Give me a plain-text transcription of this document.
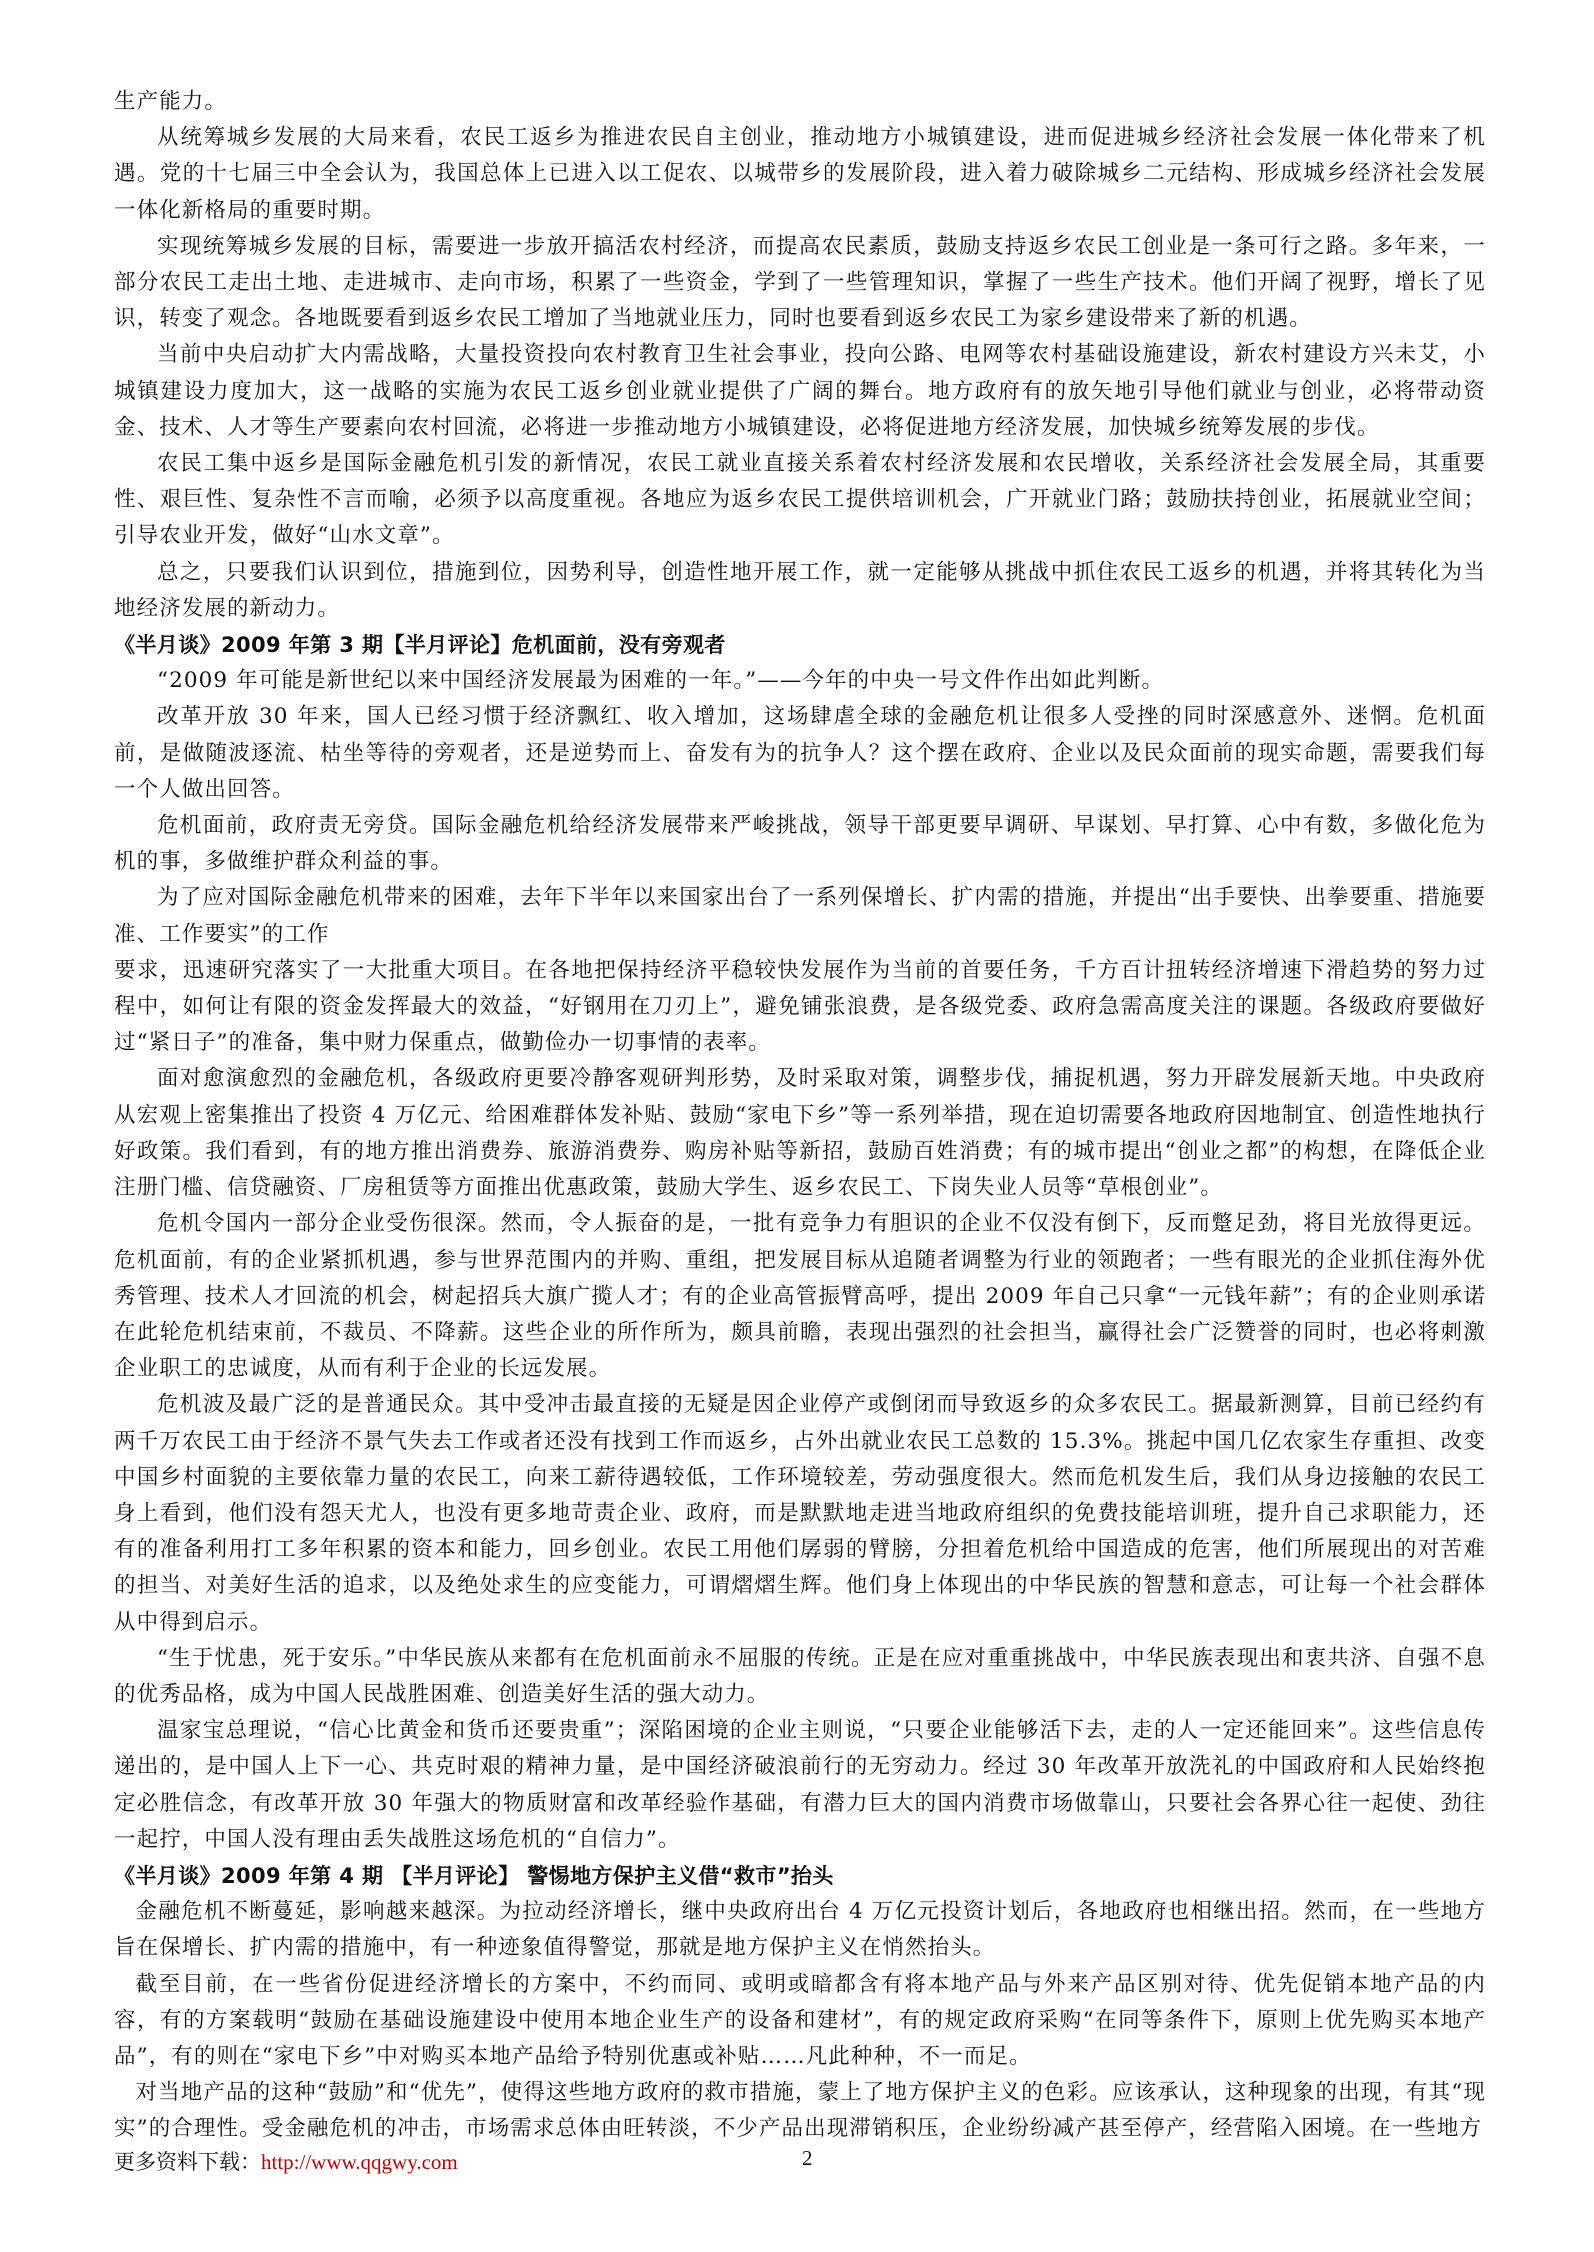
生产能力。

从统筹城乡发展的大局来看，农民工返乡为推进农民自主创业，推动地方小城镇建设，进而促进城乡经济社会发展一体化带来了机遇。党的十七届三中全会认为，我国总体上已进入以工促农、以城带乡的发展阶段，进入着力破除城乡二元结构、形成城乡经济社会发展一体化新格局的重要时期。

实现统筹城乡发展的目标，需要进一步放开搞活农村经济，而提高农民素质，鼓励支持返乡农民工创业是一条可行之路。多年来，一部分农民工走出土地、走进城市、走向市场，积累了一些资金，学到了一些管理知识，掌握了一些生产技术。他们开阔了视野，增长了见识，转变了观念。各地既要看到返乡农民工增加了当地就业压力，同时也要看到返乡农民工为家乡建设带来了新的机遇。

当前中央启动扩大内需战略，大量投资投向农村教育卫生社会事业，投向公路、电网等农村基础设施建设，新农村建设方兴未艾，小城镇建设力度加大，这一战略的实施为农民工返乡创业就业提供了广阔的舞台。地方政府有的放矢地引导他们就业与创业，必将带动资金、技术、人才等生产要素向农村回流，必将进一步推动地方小城镇建设，必将促进地方经济发展，加快城乡统筹发展的步伐。

农民工集中返乡是国际金融危机引发的新情况，农民工就业直接关系着农村经济发展和农民增收，关系经济社会发展全局，其重要性、艰巨性、复杂性不言而喻，必须予以高度重视。各地应为返乡农民工提供培训机会，广开就业门路；鼓励扶持创业，拓展就业空间；引导农业开发，做好“山水文章”。

总之，只要我们认识到位，措施到位，因势利导，创造性地开展工作，就一定能够从挑战中抓住农民工返乡的机遇，并将其转化为当地经济发展的新动力。

《半月谈》2009 年第 3 期【半月评论】危机面前，没有旁观者

“2009 年可能是新世纪以来中国经济发展最为困难的一年。”——今年的中央一号文件作出如此判断。

改革开放 30 年来，国人已经习惯于经济飘红、收入增加，这场肆虐全球的金融危机让很多人受挫的同时深感意外、迷惘。危机面前，是做随波逐流、枯坐等待的旁观者，还是逆势而上、奋发有为的抗争人？这个摆在政府、企业以及民众面前的现实命题，需要我们每一个人做出回答。

危机面前，政府责无旁贷。国际金融危机给经济发展带来严峻挑战，领导干部更要早调研、早谋划、早打算、心中有数，多做化危为机的事，多做维护群众利益的事。

为了应对国际金融危机带来的困难，去年下半年以来国家出台了一系列保增长、扩内需的措施，并提出“出手要快、出拳要重、措施要准、工作要实”的工作
要求，迅速研究落实了一大批重大项目。在各地把保持经济平稳较快发展作为当前的首要任务，千方百计扭转经济增速下滑趋势的努力过程中，如何让有限的资金发挥最大的效益，“好钢用在刀刃上”，避免铺张浪费，是各级党委、政府急需高度关注的课题。各级政府要做好过“紧日子”的准备，集中财力保重点，做勤俭办一切事情的表率。

面对愈演愈烈的金融危机，各级政府更要冷静客观研判形势，及时采取对策，调整步伐，捕捉机遇，努力开辟发展新天地。中央政府从宏观上密集推出了投资 4 万亿元、给困难群体发补贴、鼓励“家电下乡”等一系列举措，现在迫切需要各地政府因地制宜、创造性地执行好政策。我们看到，有的地方推出消费券、旅游消费券、购房补贴等新招，鼓励百姓消费；有的城市提出“创业之都”的构想，在降低企业注册门槛、信贷融资、厂房租赁等方面推出优惠政策，鼓励大学生、返乡农民工、下岗失业人员等“草根创业”。

危机令国内一部分企业受伤很深。然而，令人振奋的是，一批有竞争力有胆识的企业不仅没有倒下，反而蹩足劲，将目光放得更远。危机面前，有的企业紧抓机遇，参与世界范围内的并购、重组，把发展目标从追随者调整为行业的领跑者；一些有眼光的企业抓住海外优秀管理、技术人才回流的机会，树起招兵大旗广揽人才；有的企业高管振臂高呼，提出 2009 年自己只拿“一元钱年薪”；有的企业则承诺在此轮危机结束前，不裁员、不降薪。这些企业的所作所为，颇具前瞻，表现出强烈的社会担当，赢得社会广泛赞誉的同时，也必将刺激企业职工的忠诚度，从而有利于企业的长远发展。

危机波及最广泛的是普通民众。其中受冲击最直接的无疑是因企业停产或倒闭而导致返乡的众多农民工。据最新测算，目前已经约有两千万农民工由于经济不景气失去工作或者还没有找到工作而返乡，占外出就业农民工总数的 15.3%。挑起中国几亿农家生存重担、改变中国乡村面貌的主要依靠力量的农民工，向来工薪待遇较低，工作环境较差，劳动强度很大。然而危机发生后，我们从身边接触的农民工身上看到，他们没有怨天尤人，也没有更多地苛责企业、政府，而是默默地走进当地政府组织的免费技能培训班，提升自己求职能力，还有的准备利用打工多年积累的资本和能力，回乡创业。农民工用他们孱弱的臂膀，分担着危机给中国造成的危害，他们所展现出的对苦难的担当、对美好生活的追求，以及绝处求生的应变能力，可谓熠熠生辉。他们身上体现出的中华民族的智慧和意志，可让每一个社会群体从中得到启示。

“生于忧患，死于安乐。”中华民族从来都有在危机面前永不屈服的传统。正是在应对重重挑战中，中华民族表现出和衷共济、自强不息的优秀品格，成为中国人民战胜困难、创造美好生活的强大动力。

温家宝总理说，“信心比黄金和货币还要贵重”；深陷困境的企业主则说，“只要企业能够活下去，走的人一定还能回来”。这些信息传递出的，是中国人上下一心、共克时艰的精神力量，是中国经济破浪前行的无穷动力。经过 30 年改革开放洗礼的中国政府和人民始终抱定必胜信念，有改革开放 30 年强大的物质财富和改革经验作基础，有潜力巨大的国内消费市场做靠山，只要社会各界心往一起使、劲往一起拧，中国人没有理由丢失战胜这场危机的“自信力”。

《半月谈》2009 年第 4 期 【半月评论】 警惕地方保护主义借“救市”抬头

金融危机不断蔓延，影响越来越深。为拉动经济增长，继中央政府出台 4 万亿元投资计划后，各地政府也相继出招。然而，在一些地方旨在保增长、扩内需的措施中，有一种迹象值得警觉，那就是地方保护主义在悄然抬头。

截至目前，在一些省份促进经济增长的方案中，不约而同、或明或暗都含有将本地产品与外来产品区别对待、优先促销本地产品的内容，有的方案载明“鼓励在基础设施建设中使用本地企业生产的设备和建材”，有的规定政府采购“在同等条件下，原则上优先购买本地产品”，有的则在“家电下乡”中对购买本地产品给予特别优惠或补贴……凡此种种，不一而足。

对当地产品的这种“鼓励”和“优先”，使得这些地方政府的救市措施，蒙上了地方保护主义的色彩。应该承认，这种现象的出现，有其“现实”的合理性。受金融危机的冲击，市场需求总体由旺转淡，不少产品出现滞销积压，企业纷纷减产甚至停产，经营陷入困境。在一些地方

更多资料下载：http://www.qqgwy.com	2
